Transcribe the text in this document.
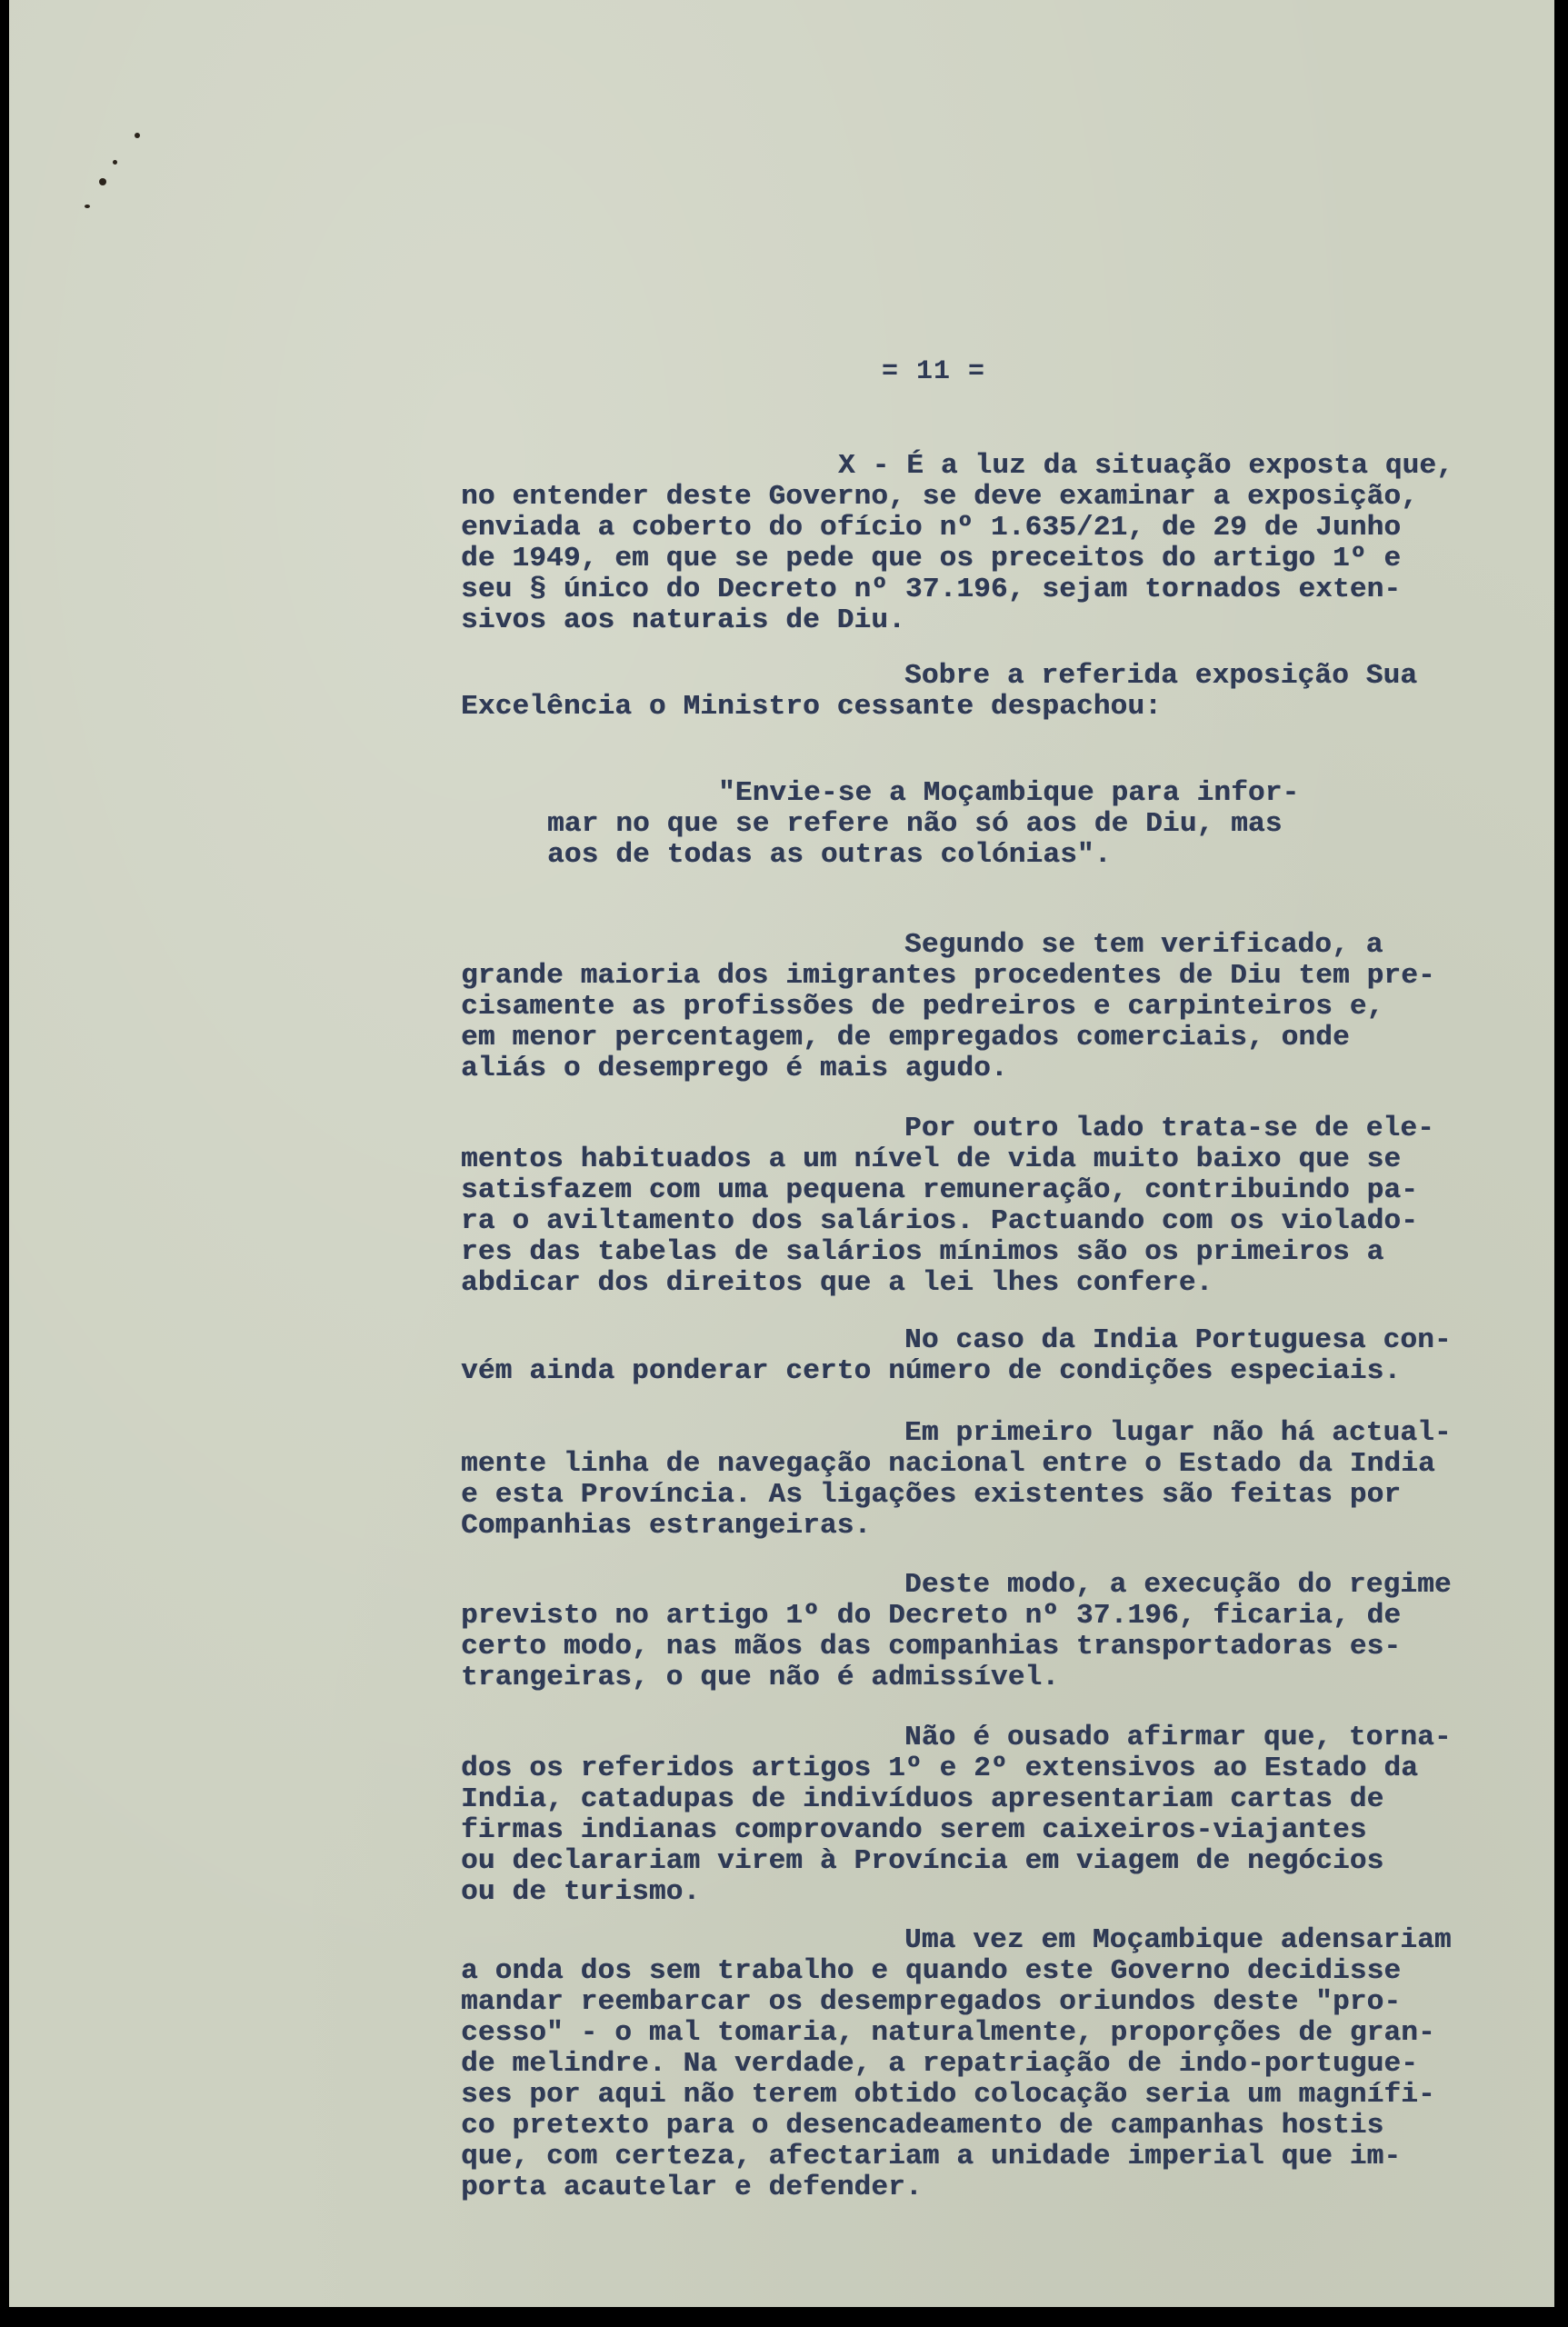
= 11 =
X - É a luz da situação exposta que,
no entender deste Governo, se deve examinar a exposição,
enviada a coberto do ofício nº 1.635/21, de 29 de Junho
de 1949, em que se pede que os preceitos do artigo 1º e
seu § único do Decreto nº 37.196, sejam tornados exten-
sivos aos naturais de Diu.
Sobre a referida exposição Sua
Excelência o Ministro cessante despachou:
"Envie-se a Moçambique para infor-
mar no que se refere não só aos de Diu, mas
aos de todas as outras colónias".
Segundo se tem verificado, a
grande maioria dos imigrantes procedentes de Diu tem pre-
cisamente as profissões de pedreiros e carpinteiros e,
em menor percentagem, de empregados comerciais, onde
aliás o desemprego é mais agudo.
Por outro lado trata-se de ele-
mentos habituados a um nível de vida muito baixo que se
satisfazem com uma pequena remuneração, contribuindo pa-
ra o aviltamento dos salários. Pactuando com os violado-
res das tabelas de salários mínimos são os primeiros a
abdicar dos direitos que a lei lhes confere.
No caso da India Portuguesa con-
vém ainda ponderar certo número de condições especiais.
Em primeiro lugar não há actual-
mente linha de navegação nacional entre o Estado da India
e esta Província. As ligações existentes são feitas por
Companhias estrangeiras.
Deste modo, a execução do regime
previsto no artigo 1º do Decreto nº 37.196, ficaria, de
certo modo, nas mãos das companhias transportadoras es-
trangeiras, o que não é admissível.
Não é ousado afirmar que, torna-
dos os referidos artigos 1º e 2º extensivos ao Estado da
India, catadupas de indivíduos apresentariam cartas de
firmas indianas comprovando serem caixeiros-viajantes
ou declarariam virem à Província em viagem de negócios
ou de turismo.
Uma vez em Moçambique adensariam
a onda dos sem trabalho e quando este Governo decidisse
mandar reembarcar os desempregados oriundos deste "pro-
cesso" - o mal tomaria, naturalmente, proporções de gran-
de melindre. Na verdade, a repatriação de indo-portugue-
ses por aqui não terem obtido colocação seria um magnífi-
co pretexto para o desencadeamento de campanhas hostis
que, com certeza, afectariam a unidade imperial que im-
porta acautelar e defender.
